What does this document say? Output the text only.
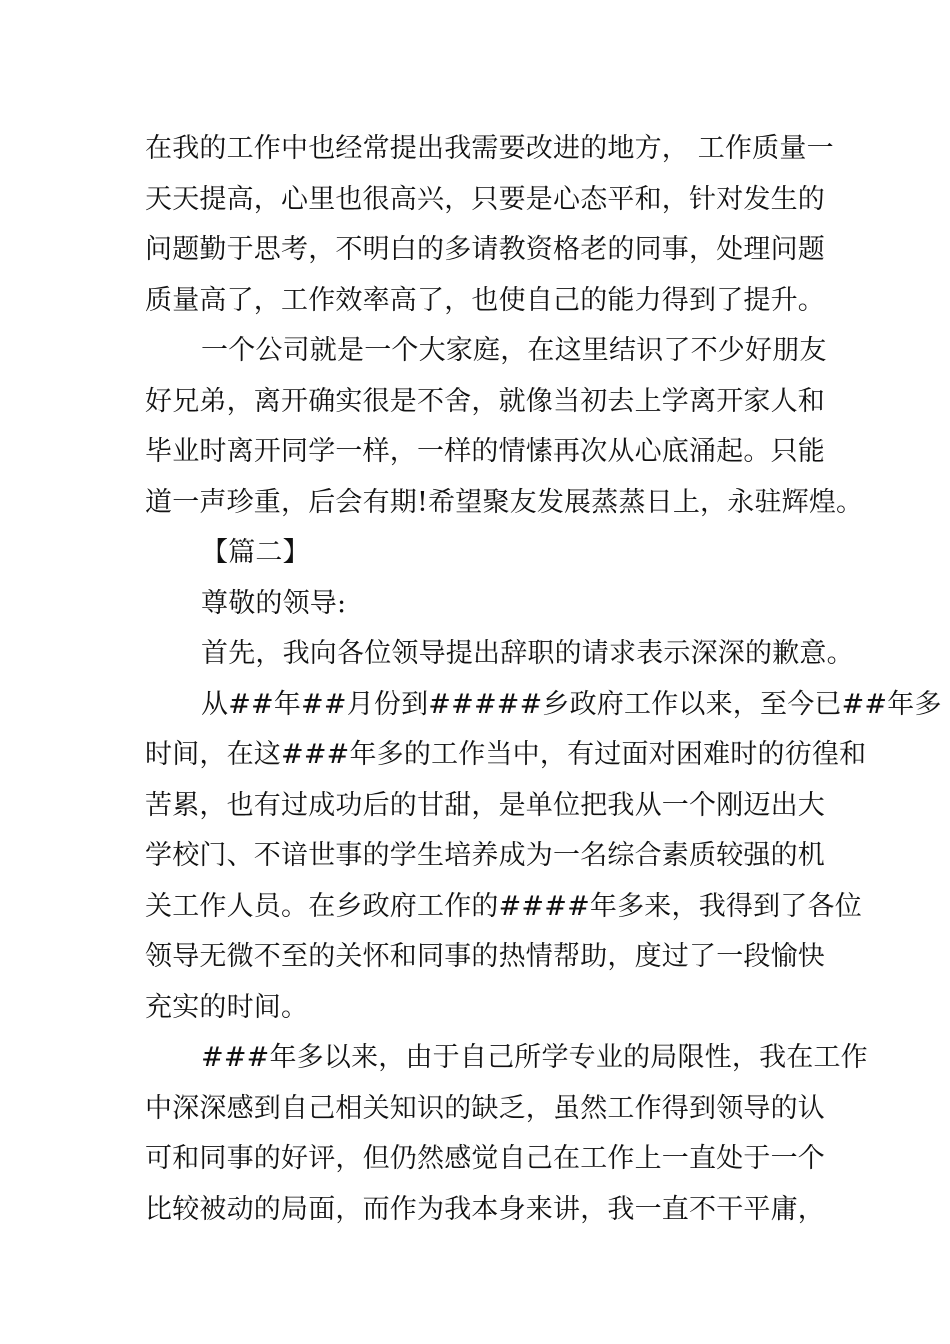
在我的工作中也经常提出我需要改进的地方， 工作质量一
天天提高，心里也很高兴，只要是心态平和，针对发生的
问题勤于思考，不明白的多请教资格老的同事，处理问题
质量高了，工作效率高了，也使自己的能力得到了提升。
一个公司就是一个大家庭，在这里结识了不少好朋友
好兄弟，离开确实很是不舍，就像当初去上学离开家人和
毕业时离开同学一样，一样的情愫再次从心底涌起。只能
道一声珍重，后会有期!希望聚友发展蒸蒸日上，永驻辉煌。
【篇二】
尊敬的领导:
首先，我向各位领导提出辞职的请求表示深深的歉意。
从##年##月份到#####乡政府工作以来，至今已##年多
时间，在这###年多的工作当中，有过面对困难时的彷徨和
苦累，也有过成功后的甘甜，是单位把我从一个刚迈出大
学校门、不谙世事的学生培养成为一名综合素质较强的机
关工作人员。在乡政府工作的####年多来，我得到了各位
领导无微不至的关怀和同事的热情帮助，度过了一段愉快
充实的时间。
###年多以来，由于自己所学专业的局限性，我在工作
中深深感到自己相关知识的缺乏，虽然工作得到领导的认
可和同事的好评，但仍然感觉自己在工作上一直处于一个
比较被动的局面，而作为我本身来讲，我一直不干平庸，
